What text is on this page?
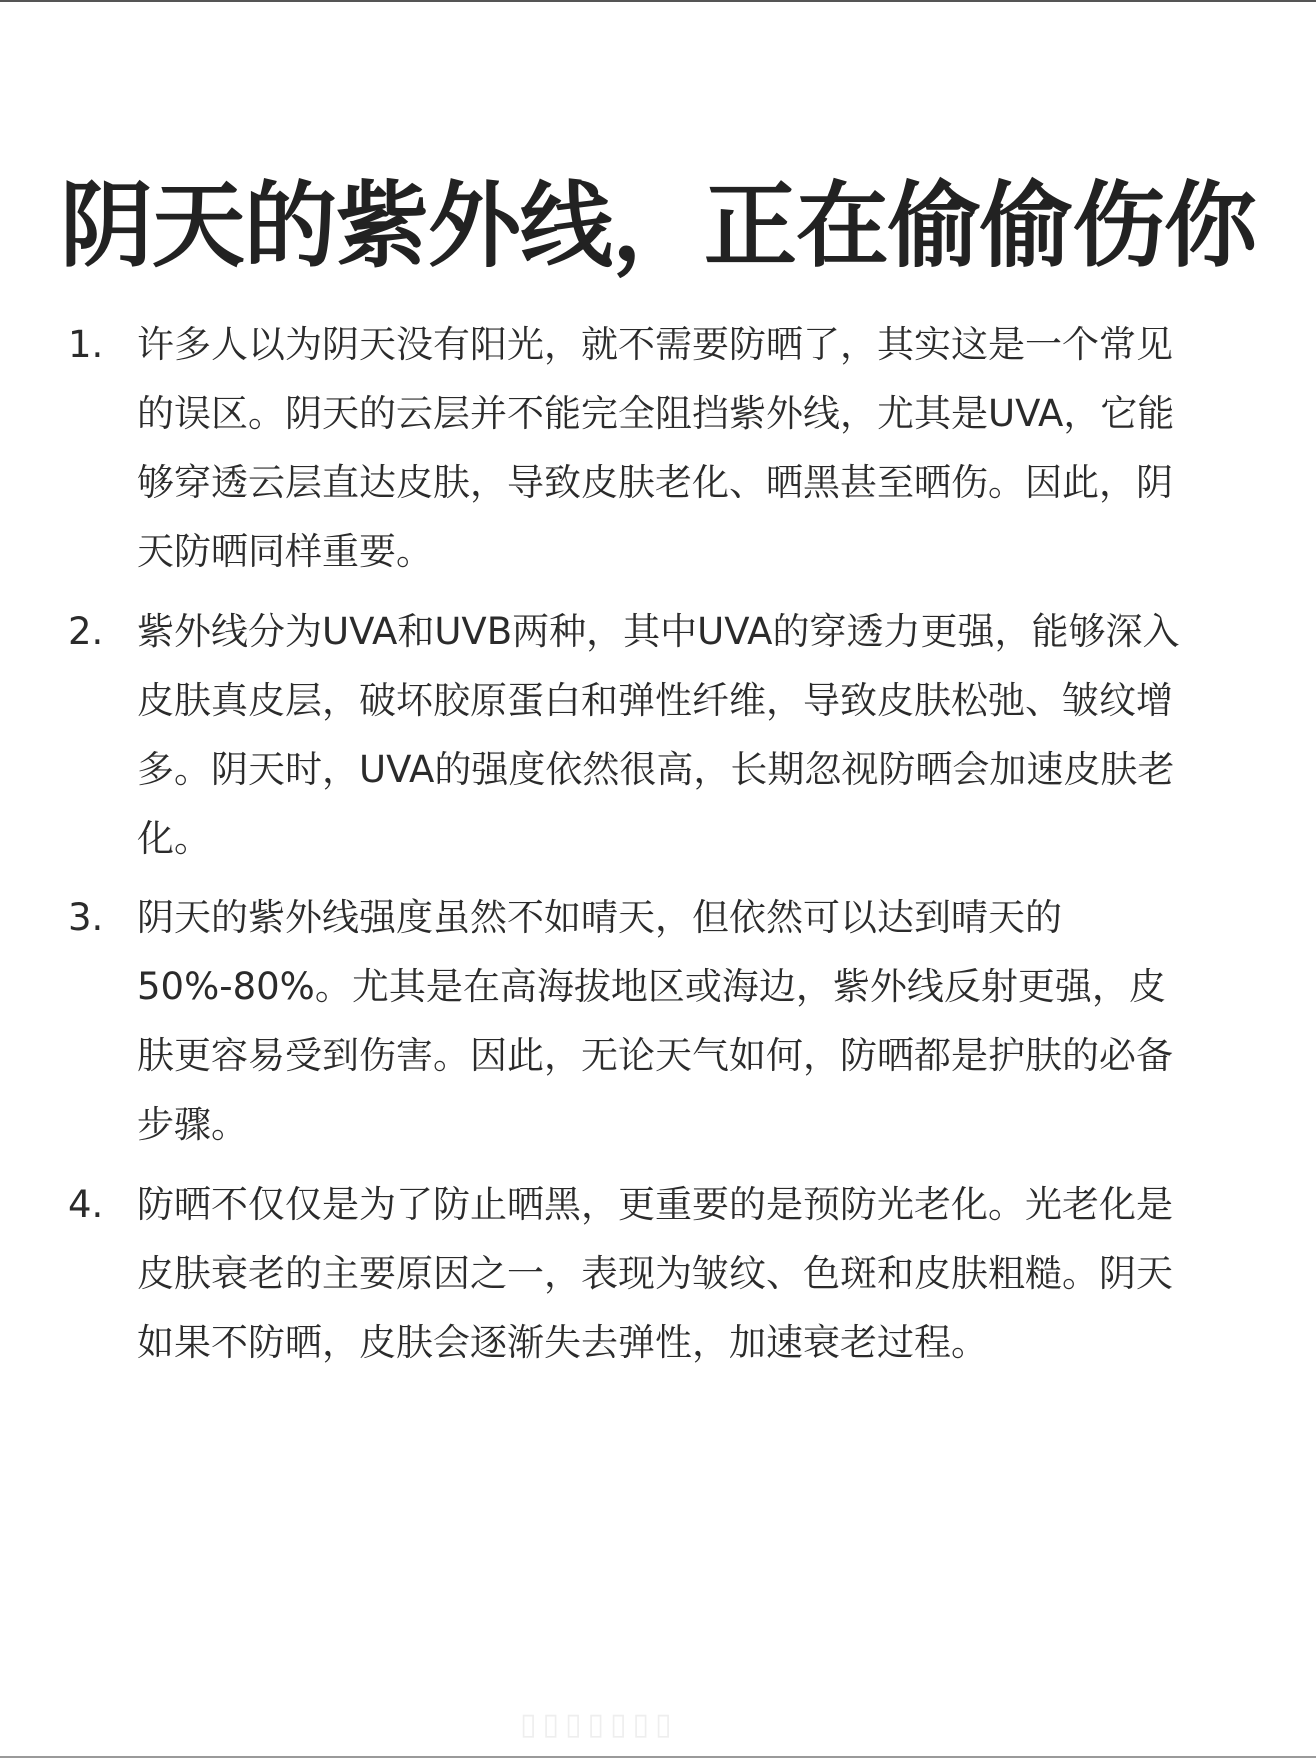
阴天的紫外线，正在偷偷伤你
1. 许多人以为阴天没有阳光，就不需要防晒了，其实这是一个常见
的误区。阴天的云层并不能完全阻挡紫外线，尤其是UVA，它能
够穿透云层直达皮肤，导致皮肤老化、晒黑甚至晒伤。因此，阴
天防晒同样重要。

2. 紫外线分为UVA和UVB两种，其中UVA的穿透力更强，能够深入
皮肤真皮层，破坏胶原蛋白和弹性纤维，导致皮肤松弛、皱纹增
多。阴天时，UVA的强度依然很高，长期忽视防晒会加速皮肤老
化。

3. 阴天的紫外线强度虽然不如晴天，但依然可以达到晴天的
50%-80%。尤其是在高海拔地区或海边，紫外线反射更强，皮
肤更容易受到伤害。因此，无论天气如何，防晒都是护肤的必备
步骤。

4. 防晒不仅仅是为了防止晒黑，更重要的是预防光老化。光老化是
皮肤衰老的主要原因之一，表现为皱纹、色斑和皮肤粗糙。阴天
如果不防晒，皮肤会逐渐失去弹性，加速衰老过程。

▯▯▯▯▯▯▯
